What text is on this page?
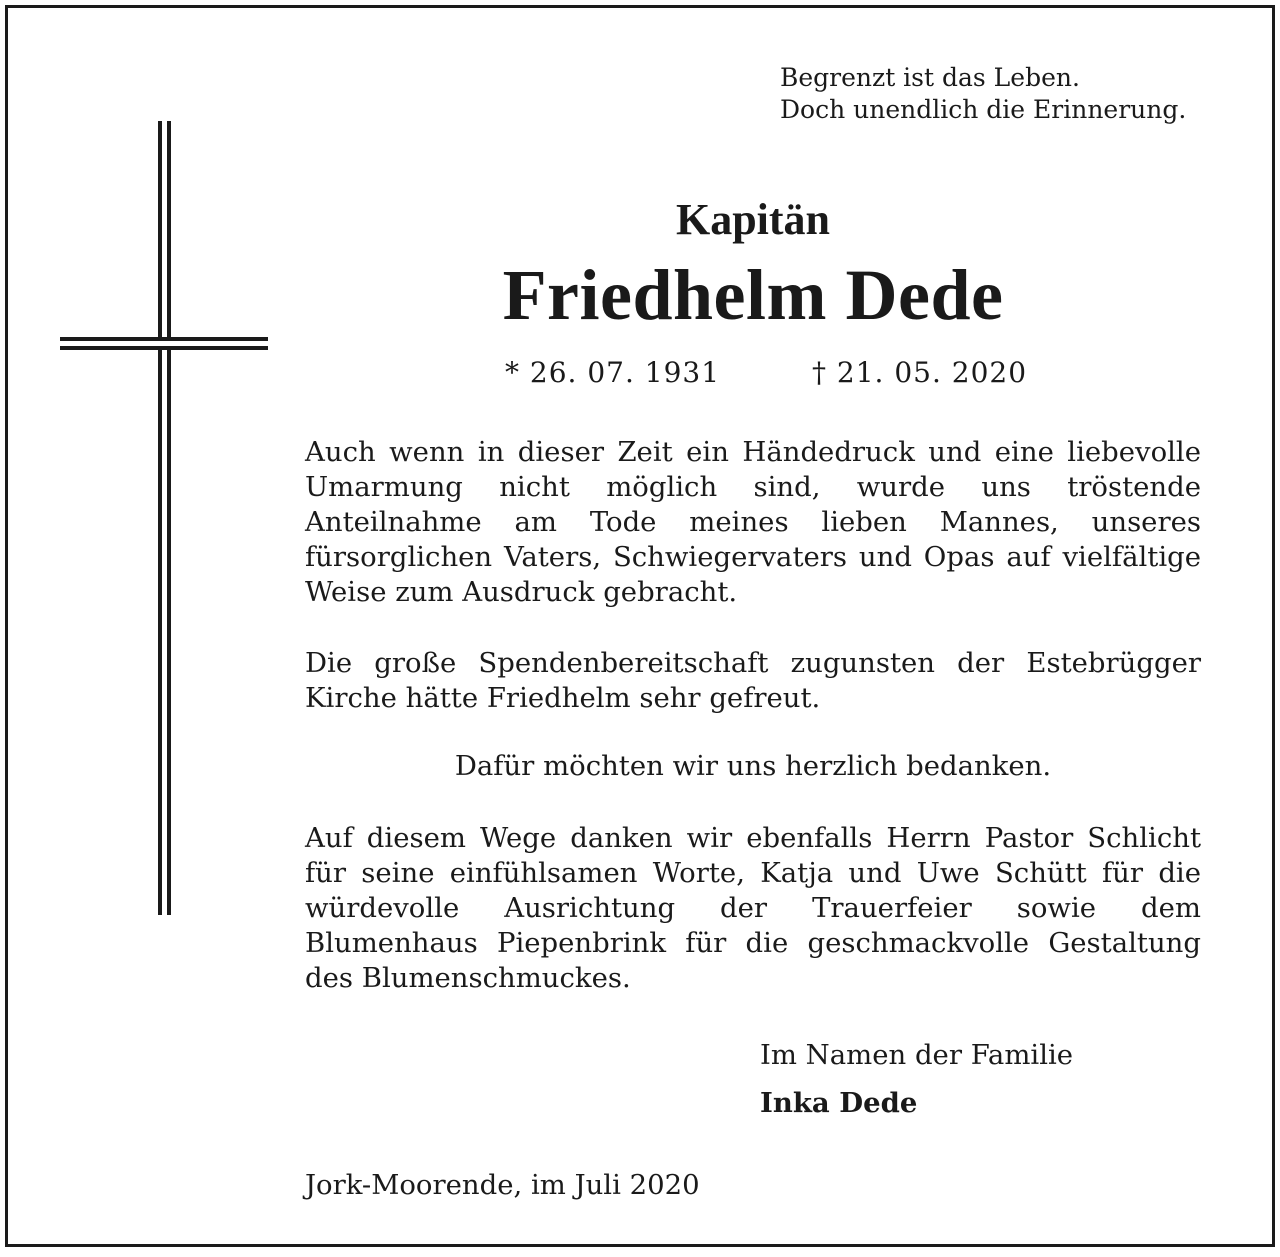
Begrenzt ist das Leben.
Doch unendlich die Erinnerung.
Kapitän
Friedhelm Dede
* 26. 07. 1931	† 21. 05. 2020
Auch wenn in dieser Zeit ein Händedruck und eine liebevolle Umarmung nicht möglich sind, wurde uns tröstende Anteilnahme am Tode meines lieben Mannes, unseres fürsorglichen Vaters, Schwiegervaters und Opas auf vielfältige Weise zum Ausdruck gebracht.
Die große Spendenbereitschaft zugunsten der Estebrügger Kirche hätte Friedhelm sehr gefreut.
Dafür möchten wir uns herzlich bedanken.
Auf diesem Wege danken wir ebenfalls Herrn Pastor Schlicht für seine einfühlsamen Worte, Katja und Uwe Schütt für die würdevolle Ausrichtung der Trauerfeier sowie dem Blumenhaus Piepenbrink für die geschmackvolle Gestaltung des Blumenschmuckes.
Im Namen der Familie
Inka Dede
Jork-Moorende, im Juli 2020
